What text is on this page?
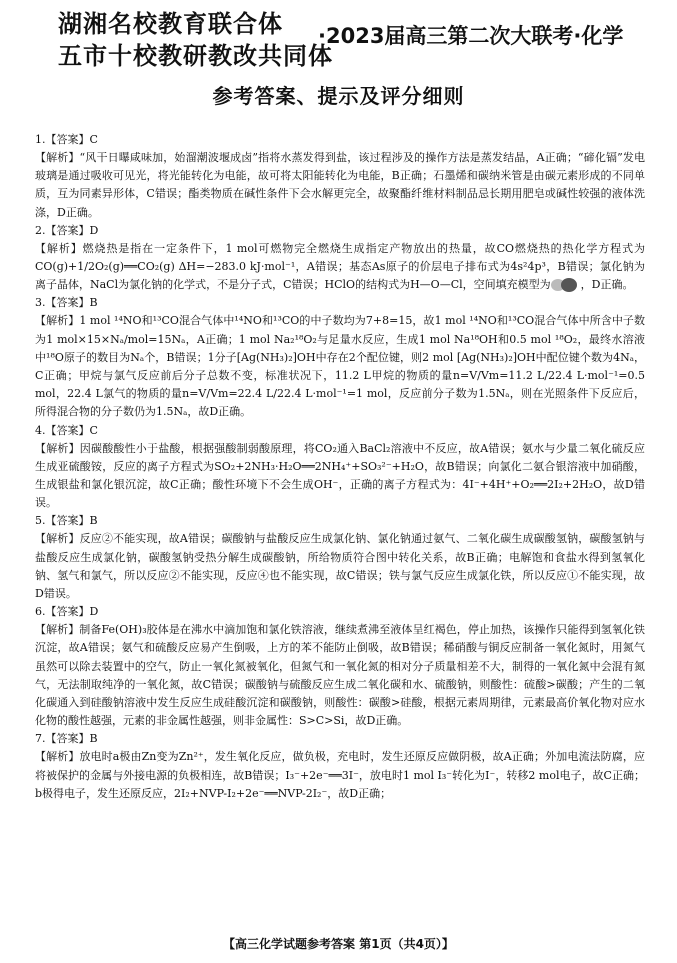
湖湘名校教育联合体
五市十校教研教改共同体
·2023届高三第二次大联考·化学
参考答案、提示及评分细则
1.【答案】C
【解析】“风干日曝咸味加，始溜潮波堰成卤”指将水蒸发得到盐，该过程涉及的操作方法是蒸发结晶，A正确；“碲化镉”发电玻璃是通过吸收可见光，将光能转化为电能，故可将太阳能转化为电能，B正确；石墨烯和碳纳米管是由碳元素形成的不同单质，互为同素异形体，C错误；酯类物质在碱性条件下会水解更完全，故聚酯纤维材料制品忌长期用肥皂或碱性较强的液体洗涤，D正确。
2.【答案】D
【解析】燃烧热是指在一定条件下，1 mol可燃物完全燃烧生成指定产物放出的热量，故CO燃烧热的热化学方程式为CO(g)+1/2O₂(g)══CO₂(g) ΔH=−283.0 kJ·mol⁻¹，A错误；基态As原子的价层电子排布式为4s²4p³，B错误；氯化钠为离子晶体，NaCl为氯化钠的化学式，不是分子式，C错误；HClO的结构式为H—O—Cl，空间填充模型为	，D正确。
3.【答案】B
【解析】1 mol ¹⁴NO和¹³CO混合气体中¹⁴NO和¹³CO的中子数均为7+8=15，故1 mol ¹⁴NO和¹³CO混合气体中所含中子数为1 mol×15×Nₐ/mol=15Nₐ，A正确；1 mol Na₂¹⁸O₂与足量水反应，生成1 mol Na¹⁸OH和0.5 mol ¹⁸O₂，最终水溶液中¹⁸O原子的数目为Nₐ个，B错误；1分子[Ag(NH₃)₂]OH中存在2个配位键，则2 mol [Ag(NH₃)₂]OH中配位键个数为4Nₐ，C正确；甲烷与氯气反应前后分子总数不变，标准状况下，11.2 L甲烷的物质的量n=V/Vm=11.2 L/22.4 L·mol⁻¹=0.5 mol，22.4 L氯气的物质的量n=V/Vm=22.4 L/22.4 L·mol⁻¹=1 mol，反应前分子数为1.5Nₐ，则在光照条件下反应后，所得混合物的分子数仍为1.5Nₐ，故D正确。
4.【答案】C
【解析】因碳酸酸性小于盐酸，根据强酸制弱酸原理，将CO₂通入BaCl₂溶液中不反应，故A错误；氨水与少量二氧化硫反应生成亚硫酸铵，反应的离子方程式为SO₂+2NH₃·H₂O══2NH₄⁺+SO₃²⁻+H₂O，故B错误；向氯化二氨合银溶液中加硝酸，生成银盐和氯化银沉淀，故C正确；酸性环境下不会生成OH⁻，正确的离子方程式为：4I⁻+4H⁺+O₂══2I₂+2H₂O，故D错误。
5.【答案】B
【解析】反应②不能实现，故A错误；碳酸钠与盐酸反应生成氯化钠、氯化钠通过氨气、二氧化碳生成碳酸氢钠，碳酸氢钠与盐酸反应生成氯化钠，碳酸氢钠受热分解生成碳酸钠，所给物质符合图中转化关系，故B正确；电解饱和食盐水得到氢氧化钠、氢气和氯气，所以反应②不能实现，反应④也不能实现，故C错误；铁与氯气反应生成氯化铁，所以反应①不能实现，故D错误。
6.【答案】D
【解析】制备Fe(OH)₃胶体是在沸水中滴加饱和氯化铁溶液，继续煮沸至液体呈红褐色，停止加热，该操作只能得到氢氧化铁沉淀，故A错误；氨气和硫酸反应易产生倒吸，上方的苯不能防止倒吸，故B错误；稀硝酸与铜反应制备一氧化氮时，用氮气虽然可以除去装置中的空气，防止一氧化氮被氧化，但氮气和一氧化氮的相对分子质量相差不大，制得的一氧化氮中会混有氮气，无法制取纯净的一氧化氮，故C错误；碳酸钠与硫酸反应生成二氧化碳和水、硫酸钠，则酸性：硫酸>碳酸；产生的二氧化碳通入到硅酸钠溶液中发生反应生成硅酸沉淀和碳酸钠，则酸性：碳酸>硅酸，根据元素周期律，元素最高价氧化物对应水化物的酸性越强，元素的非金属性越强，则非金属性：S>C>Si，故D正确。
7.【答案】B
【解析】放电时a极由Zn变为Zn²⁺，发生氧化反应，做负极，充电时，发生还原反应做阴极，故A正确；外加电流法防腐，应将被保护的金属与外接电源的负极相连，故B错误；I₃⁻+2e⁻══3I⁻，放电时1 mol I₃⁻转化为I⁻，转移2 mol电子，故C正确；b极得电子，发生还原反应，2I₂+NVP-I₂+2e⁻══NVP-2I₂⁻，故D正确；
【高三化学试题参考答案 第1页（共4页）】
